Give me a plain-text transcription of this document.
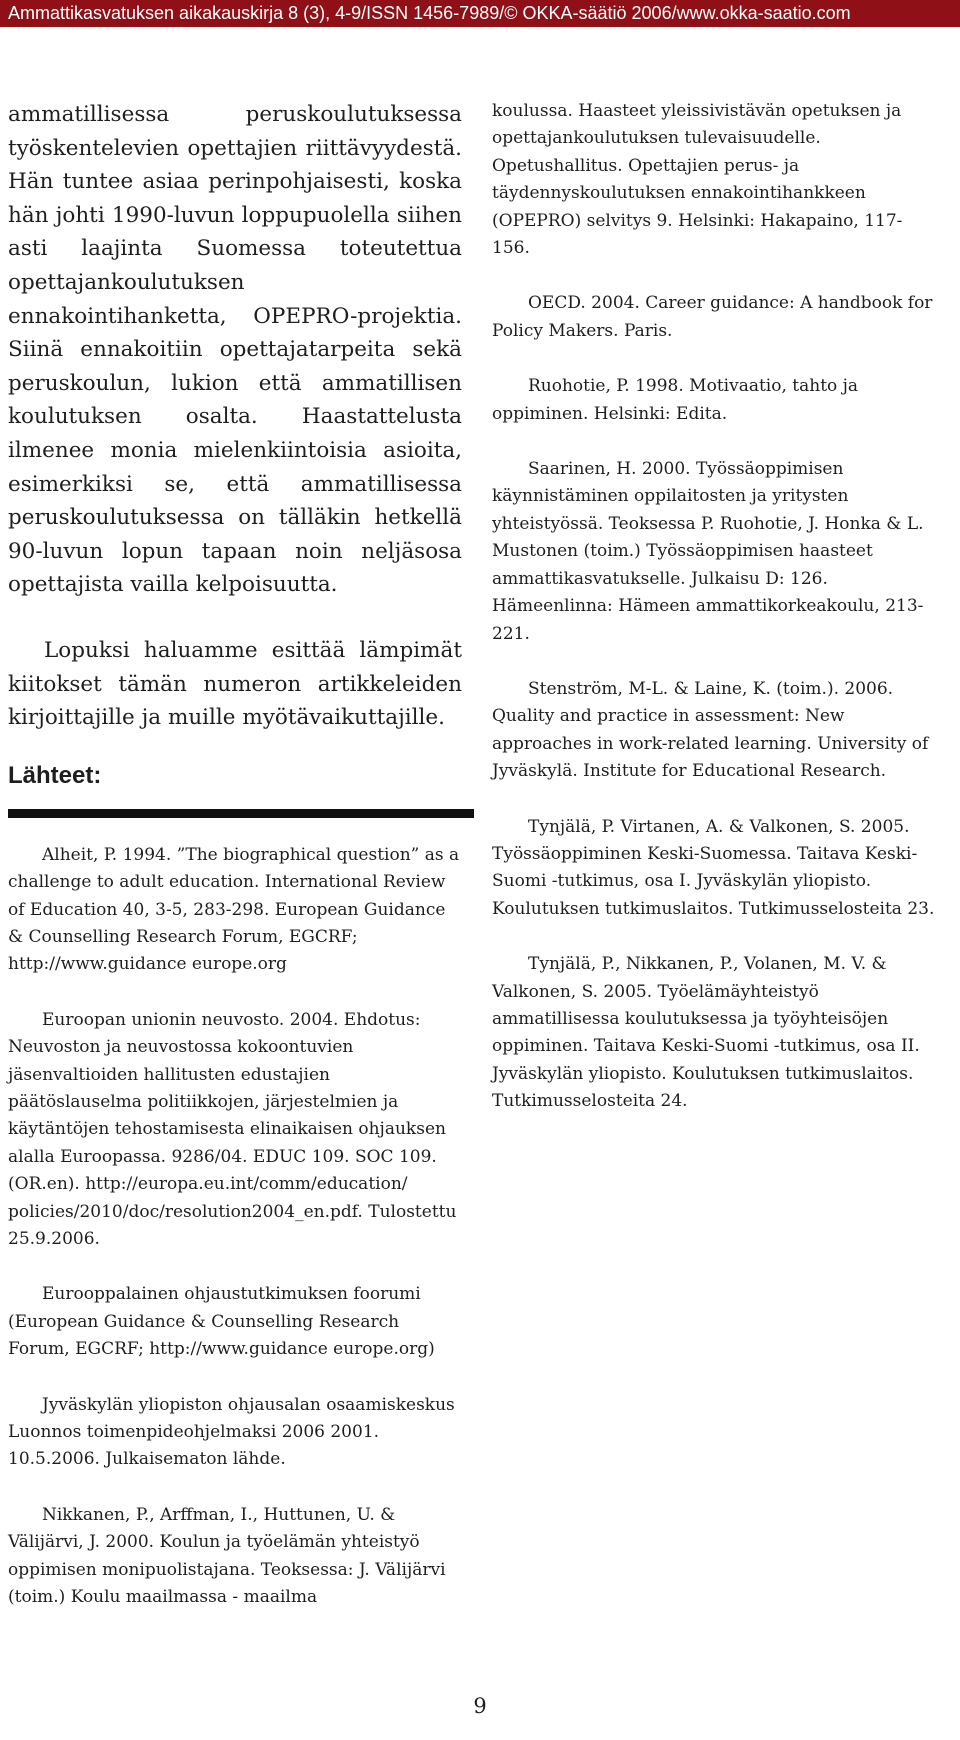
Ammattikasvatuksen aikakauskirja 8 (3), 4-9/ISSN 1456-7989/© OKKA-säätiö 2006/www.okka-saatio.com

ammatillisessa peruskoulutuksessa työskentelevien opettajien riittävyydestä. Hän tuntee asiaa perinpohjaisesti, koska hän johti 1990-luvun loppupuolella siihen asti laajinta Suomessa toteutettua opettajankoulutuksen ennakointihanketta, OPEPRO-projektia. Siinä ennakoitiin opettajatarpeita sekä peruskoulun, lukion että ammatillisen koulutuksen osalta. Haastattelusta ilmenee monia mielenkiintoisia asioita, esimerkiksi se, että ammatillisessa peruskoulutuksessa on tälläkin hetkellä 90-luvun lopun tapaan noin neljäsosa opettajista vailla kelpoisuutta.

Lopuksi haluamme esittää lämpimät kiitokset tämän numeron artikkeleiden kirjoittajille ja muille myötävaikuttajille.

Lähteet:

Alheit, P. 1994. ”The biographical question” as a challenge to adult education. International Review of Education 40, 3-5, 283-298. European Guidance & Counselling Research Forum, EGCRF; http://www.guidance europe.org

Euroopan unionin neuvosto. 2004. Ehdotus: Neuvoston ja neuvostossa kokoontuvien jäsenvaltioiden hallitusten edustajien päätöslauselma politiikkojen, järjestelmien ja käytäntöjen tehostamisesta elinaikaisen ohjauksen alalla Euroopassa. 9286/04. EDUC 109. SOC 109. (OR.en). http://europa.eu.int/comm/education/ policies/2010/doc/resolution2004_en.pdf. Tulostettu 25.9.2006.

Eurooppalainen ohjaustutkimuksen foorumi (European Guidance & Counselling Research Forum, EGCRF; http://www.guidance europe.org)

Jyväskylän yliopiston ohjausalan osaamiskeskus Luonnos toimenpideohjelmaksi 2006 2001. 10.5.2006. Julkaisematon lähde.

Nikkanen, P., Arffman, I., Huttunen, U. & Välijärvi, J. 2000. Koulun ja työelämän yhteistyö oppimisen monipuolistajana. Teoksessa: J. Välijärvi (toim.) Koulu maailmassa - maailma

koulussa. Haasteet yleissivistävän opetuksen ja opettajankoulutuksen tulevaisuudelle. Opetushallitus. Opettajien perus- ja täydennyskoulutuksen ennakointihankkeen (OPEPRO) selvitys 9. Helsinki: Hakapaino, 117-156.

OECD. 2004. Career guidance: A handbook for Policy Makers. Paris.

Ruohotie, P. 1998. Motivaatio, tahto ja oppiminen. Helsinki: Edita.

Saarinen, H. 2000. Työssäoppimisen käynnistäminen oppilaitosten ja yritysten yhteistyössä. Teoksessa P. Ruohotie, J. Honka & L. Mustonen (toim.) Työssäoppimisen haasteet ammattikasvatukselle. Julkaisu D: 126. Hämeenlinna: Hämeen ammattikorkeakoulu, 213-221.

Stenström, M-L. & Laine, K. (toim.). 2006. Quality and practice in assessment: New approaches in work-related learning. University of Jyväskylä. Institute for Educational Research.

Tynjälä, P. Virtanen, A. & Valkonen, S. 2005. Työssäoppiminen Keski-Suomessa. Taitava Keski-Suomi -tutkimus, osa I. Jyväskylän yliopisto. Koulutuksen tutkimuslaitos. Tutkimusselosteita 23.

Tynjälä, P., Nikkanen, P., Volanen, M. V. & Valkonen, S. 2005. Työelämäyhteistyö ammatillisessa koulutuksessa ja työyhteisöjen oppiminen. Taitava Keski-Suomi -tutkimus, osa II. Jyväskylän yliopisto. Koulutuksen tutkimuslaitos. Tutkimusselosteita 24.

9
